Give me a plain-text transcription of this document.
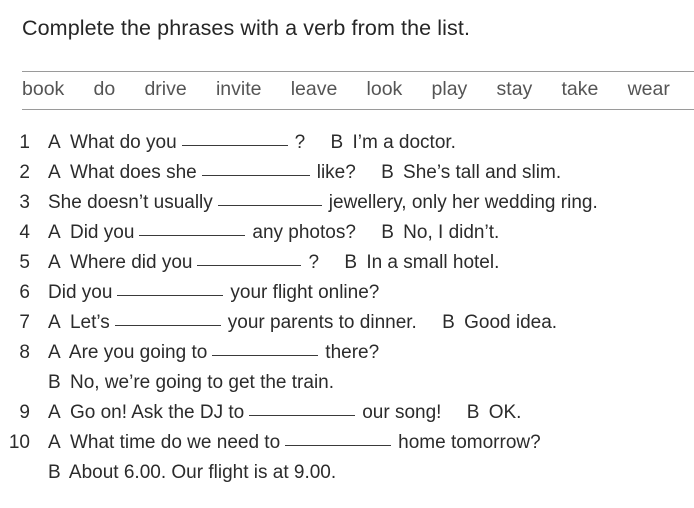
Complete the phrases with a verb from the list.
book do drive invite leave look play stay take wear
1 A What do you	? B I’m a doctor.
2 A What does she	like? B She’s tall and slim.
3 She doesn’t usually	jewellery, only her wedding ring.
4 A Did you	any photos? B No, I didn’t.
5 A Where did you	? B In a small hotel.
6 Did you	your flight online?
7 A Let’s	your parents to dinner. B Good idea.
8 A Are you going to	there?
B No, we’re going to get the train.
9 A Go on! Ask the DJ to	our song! B OK.
10 A What time do we need to	home tomorrow?
B About 6.00. Our flight is at 9.00.
